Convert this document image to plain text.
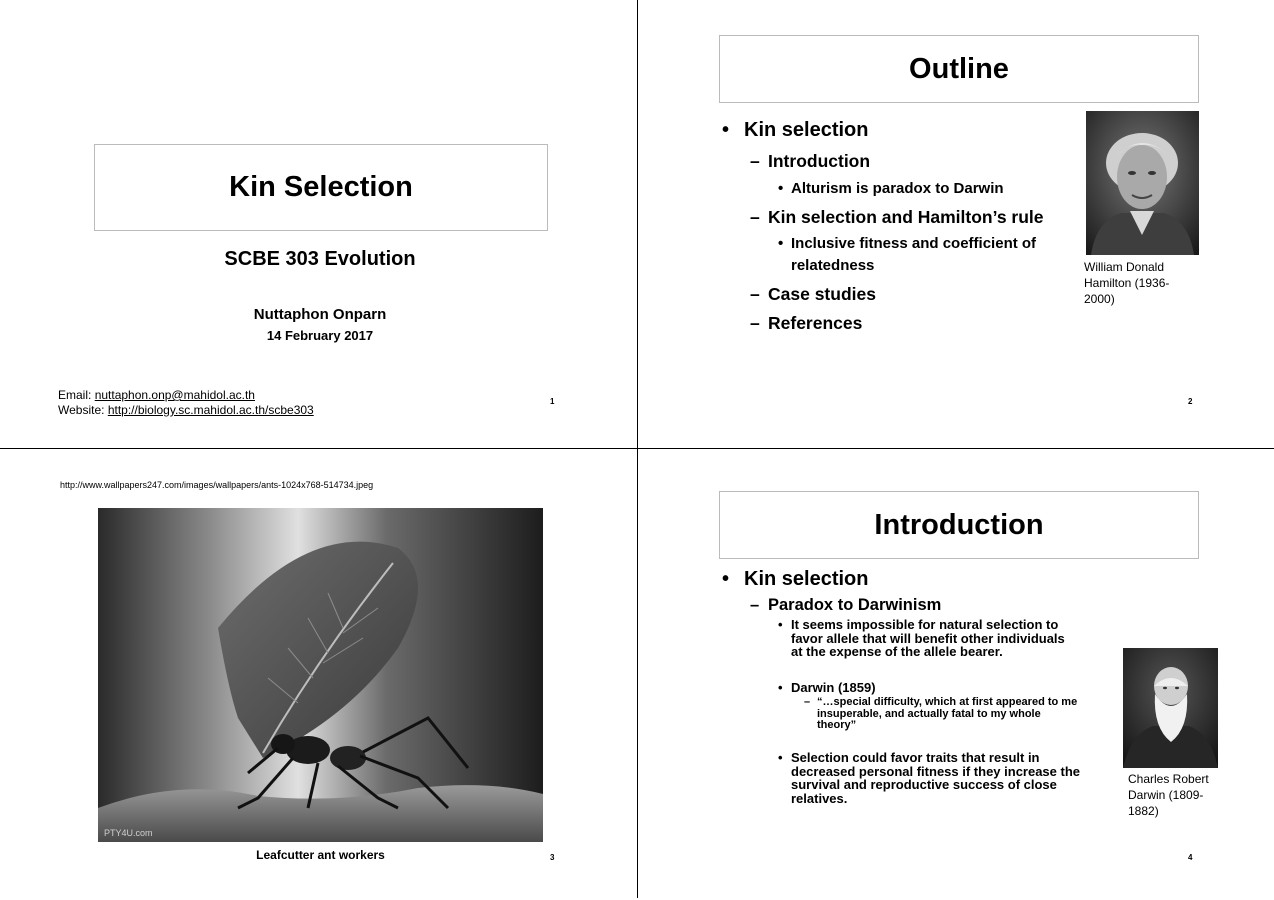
Kin Selection
SCBE 303 Evolution
Nuttaphon Onparn
14 February 2017
Email: nuttaphon.onp@mahidol.ac.th
Website: http://biology.sc.mahidol.ac.th/scbe303
1
Outline
• Kin selection
– Introduction
• Alturism is paradox to Darwin
– Kin selection and Hamilton’s rule
• Inclusive fitness and coefficient of
relatedness
– Case studies
– References
William Donald
Hamilton (1936-
2000)
2
http://www.wallpapers247.com/images/wallpapers/ants-1024x768-514734.jpeg
PTY4U.com
Leafcutter ant workers	3
Introduction
• Kin selection
– Paradox to Darwinism
• It seems impossible for natural selection to
favor allele that will benefit other individuals
at the expense of the allele bearer.
• Darwin (1859)
– “…special difficulty, which at first appeared to me
insuperable, and actually fatal to my whole
theory”
• Selection could favor traits that result in
decreased personal fitness if they increase the
survival and reproductive success of close
relatives.
Charles Robert
Darwin (1809-
1882)
4
